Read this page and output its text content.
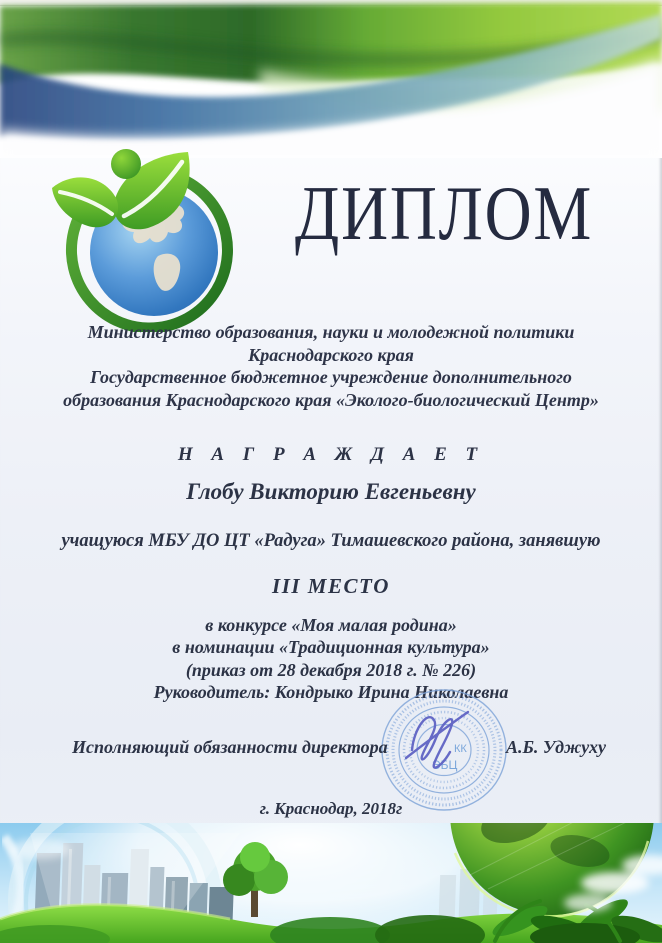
ДИПЛОМ
Министерство образования, науки и молодежной политики
Краснодарского края
Государственное бюджетное учреждение дополнительного
образования Краснодарского края «Эколого-биологический Центр»
Н А Г Р А Ж Д А Е Т
Глобу Викторию Евгеньевну
учащуюся МБУ ДО ЦТ «Радуга» Тимашевского района, занявшую
III МЕСТО
в конкурсе «Моя малая родина»
в номинации «Традиционная культура»
(приказ от 28 декабря 2018 г. № 226)
Руководитель: Кондрыко Ирина Николаевна
КК
ЭБЦ
Исполняющий обязанности директора	А.Б. Уджуху
г. Краснодар, 2018г
